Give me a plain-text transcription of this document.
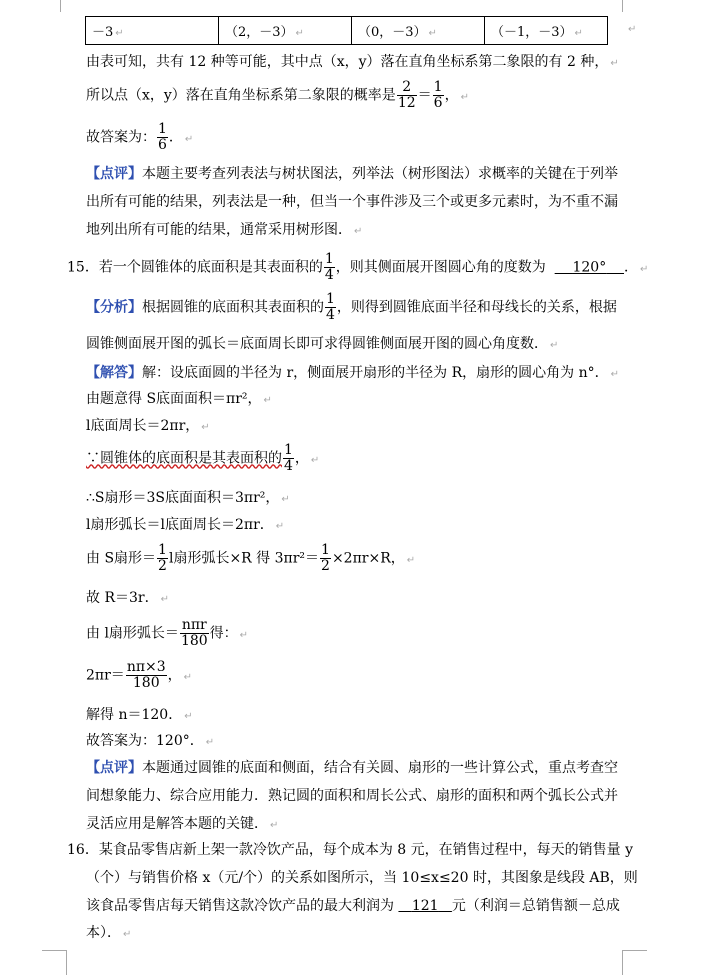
－3 ↵	（2，－3） ↵	（0，－3） ↵	（－1，－3） ↵	↵
由表可知，共有 12 种等可能，其中点（x，y）落在直角坐标系第二象限的有 2 种， ↵
所以点（x，y）落在直角坐标系第二象限的概率是 $\frac{2}{12} = \frac{1}{6}$ ， ↵
故答案为： $\frac{1}{6}$ ． ↵
【点评】本题主要考查列表法与树状图法，列举法（树形图法）求概率的关键在于列举
出所有可能的结果，列表法是一种，但当一个事件涉及三个或更多元素时，为不重不漏
地列出所有可能的结果，通常采用树形图． ↵
15．若一个圆锥体的底面积是其表面积的 $\frac{1}{4}$ ，则其侧面展开图圆心角的度数为 120° ． ↵
【分析】根据圆锥的底面积其表面积的 $\frac{1}{4}$ ，则得到圆锥底面半径和母线长的关系，根据
圆锥侧面展开图的弧长＝底面周长即可求得圆锥侧面展开图的圆心角度数． ↵
【解答】解：设底面圆的半径为 r，侧面展开扇形的半径为 R，扇形的圆心角为 n°． ↵
由题意得 S底面面积＝πr²， ↵
l底面周长＝2πr， ↵
∵圆锥体的底面积是其表面积的 $\frac{1}{4}$ ， ↵
∴S扇形＝3S底面面积＝3πr²， ↵
l扇形弧长＝l底面周长＝2πr． ↵
由 S扇形＝ $\frac{1}{2}$ l扇形弧长×R 得 $3\pi r^2= \frac{1}{2} \times 2\pi r\times R$， ↵
故 R＝3r． ↵
由 l扇形弧长＝ $\frac{\text{nπr}}{180}$ 得： ↵
$2\pi r= \frac{n\pi\times 3}{180}$ ， ↵
解得 n＝120． ↵
故答案为：120°． ↵
【点评】本题通过圆锥的底面和侧面，结合有关圆、扇形的一些计算公式，重点考查空
间想象能力、综合应用能力．熟记圆的面积和周长公式、扇形的面积和两个弧长公式并
灵活应用是解答本题的关键． ↵
16．某食品零售店新上架一款冷饮产品，每个成本为 8 元，在销售过程中，每天的销售量 y
（个）与销售价格 x（元/个）的关系如图所示，当 10≤x≤20 时，其图象是线段 AB，则
该食品零售店每天销售这款冷饮产品的最大利润为 121 元（利润＝总销售额－总成
本）． ↵
